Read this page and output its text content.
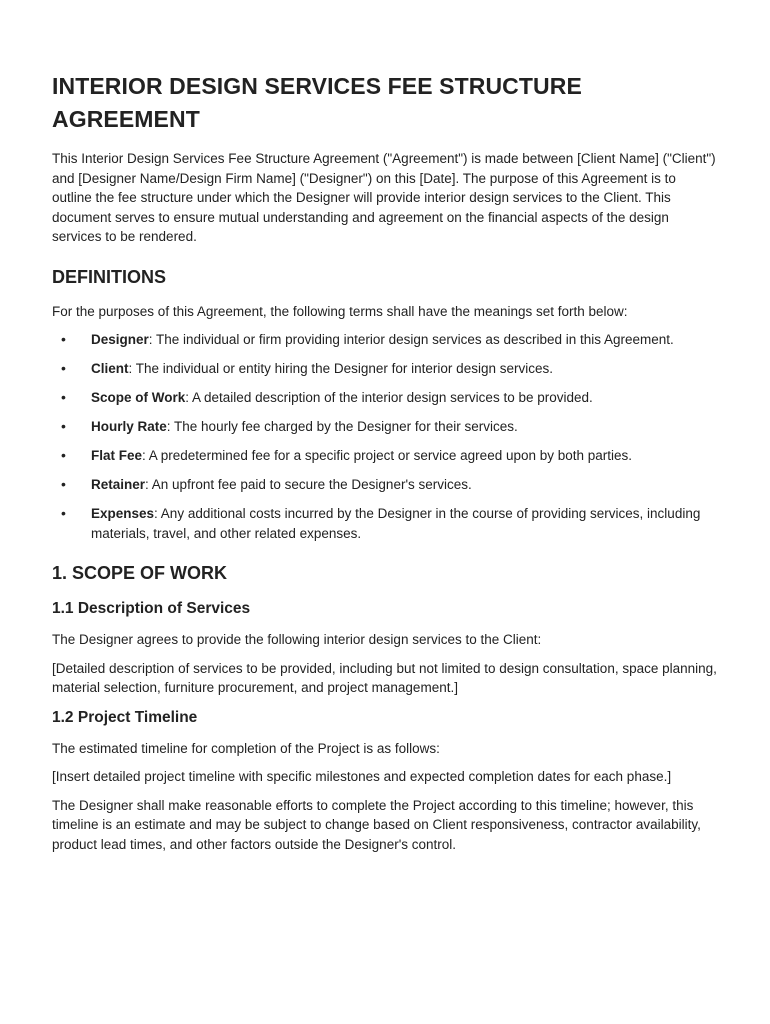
INTERIOR DESIGN SERVICES FEE STRUCTURE AGREEMENT

This Interior Design Services Fee Structure Agreement ("Agreement") is made between [Client Name] ("Client") and [Designer Name/Design Firm Name] ("Designer") on this [Date]. The purpose of this Agreement is to outline the fee structure under which the Designer will provide interior design services to the Client. This document serves to ensure mutual understanding and agreement on the financial aspects of the design services to be rendered.

DEFINITIONS

For the purposes of this Agreement, the following terms shall have the meanings set forth below:

• Designer: The individual or firm providing interior design services as described in this Agreement.
• Client: The individual or entity hiring the Designer for interior design services.
• Scope of Work: A detailed description of the interior design services to be provided.
• Hourly Rate: The hourly fee charged by the Designer for their services.
• Flat Fee: A predetermined fee for a specific project or service agreed upon by both parties.
• Retainer: An upfront fee paid to secure the Designer's services.
• Expenses: Any additional costs incurred by the Designer in the course of providing services, including materials, travel, and other related expenses.
1. SCOPE OF WORK
1.1 Description of Services

The Designer agrees to provide the following interior design services to the Client:

[Detailed description of services to be provided, including but not limited to design consultation, space planning, material selection, furniture procurement, and project management.]

1.2 Project Timeline

The estimated timeline for completion of the Project is as follows:

[Insert detailed project timeline with specific milestones and expected completion dates for each phase.]

The Designer shall make reasonable efforts to complete the Project according to this timeline; however, this timeline is an estimate and may be subject to change based on Client responsiveness, contractor availability, product lead times, and other factors outside the Designer's control.
